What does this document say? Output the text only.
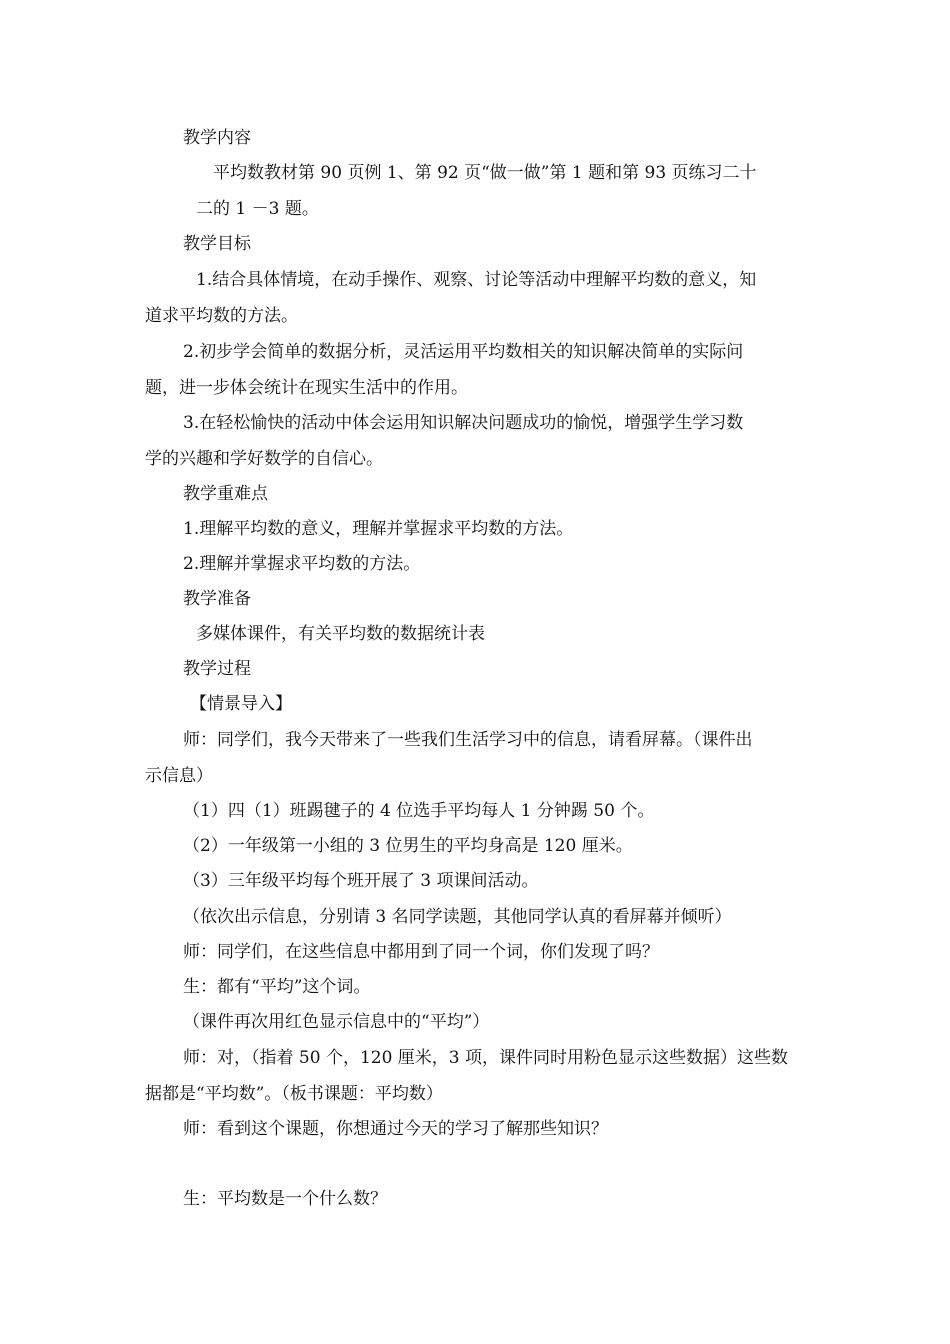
教学内容
平均数教材第 90 页例 1、第 92 页“做一做”第 1 题和第 93 页练习二十
二的 1 －3 题。
教学目标
1.结合具体情境，在动手操作、观察、讨论等活动中理解平均数的意义，知
道求平均数的方法。
2.初步学会简单的数据分析，灵活运用平均数相关的知识解决简单的实际问
题，进一步体会统计在现实生活中的作用。
3.在轻松愉快的活动中体会运用知识解决问题成功的愉悦，增强学生学习数
学的兴趣和学好数学的自信心。
教学重难点
1.理解平均数的意义，理解并掌握求平均数的方法。
2.理解并掌握求平均数的方法。
教学准备
多媒体课件，有关平均数的数据统计表
教学过程
【情景导入】
师：同学们，我今天带来了一些我们生活学习中的信息，请看屏幕。（课件出
示信息）
（1）四（1）班踢毽子的 4 位选手平均每人 1 分钟踢 50 个。
（2）一年级第一小组的 3 位男生的平均身高是 120 厘米。
（3）三年级平均每个班开展了 3 项课间活动。
（依次出示信息，分别请 3 名同学读题，其他同学认真的看屏幕并倾听）
师：同学们，在这些信息中都用到了同一个词，你们发现了吗？
生：都有“平均”这个词。
（课件再次用红色显示信息中的“平均”）
师：对，（指着 50 个，120 厘米，3 项，课件同时用粉色显示这些数据）这些数
据都是“平均数”。（板书课题：平均数）
师：看到这个课题，你想通过今天的学习了解那些知识？
生：平均数是一个什么数？
